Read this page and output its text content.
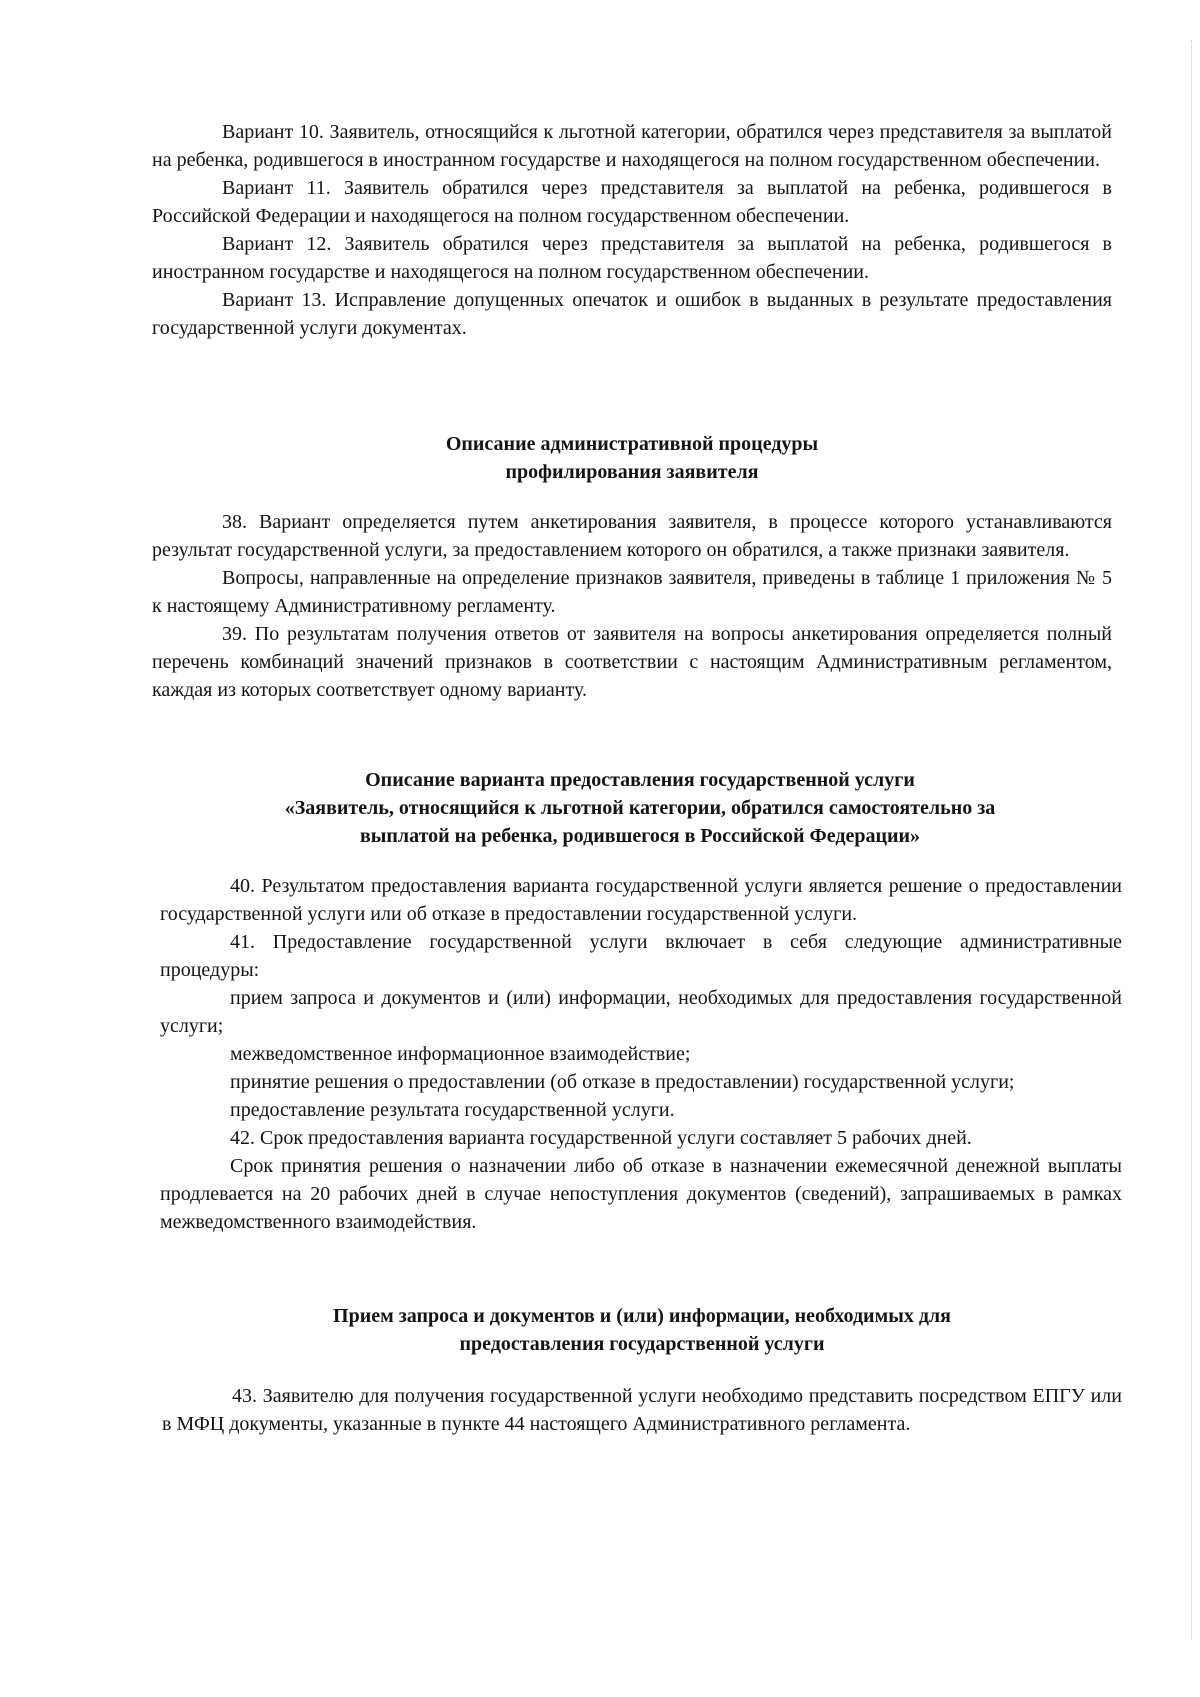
Вариант 10. Заявитель, относящийся к льготной категории, обратился через представителя за выплатой на ребенка, родившегося в иностранном государстве и находящегося на полном государственном обеспечении.

Вариант 11. Заявитель обратился через представителя за выплатой на ребенка, родившегося в Российской Федерации и находящегося на полном государственном обеспечении.

Вариант 12. Заявитель обратился через представителя за выплатой на ребенка, родившегося в иностранном государстве и находящегося на полном государственном обеспечении.

Вариант 13. Исправление допущенных опечаток и ошибок в выданных в результате предоставления государственной услуги документах.

Описание административной процедуры
профилирования заявителя

38. Вариант определяется путем анкетирования заявителя, в процессе которого устанавливаются результат государственной услуги, за предоставлением которого он обратился, а также признаки заявителя.

Вопросы, направленные на определение признаков заявителя, приведены в таблице 1 приложения № 5 к настоящему Административному регламенту.

39. По результатам получения ответов от заявителя на вопросы анкетирования определяется полный перечень комбинаций значений признаков в соответствии с настоящим Административным регламентом, каждая из которых соответствует одному варианту.

Описание варианта предоставления государственной услуги
«Заявитель, относящийся к льготной категории, обратился самостоятельно за
выплатой на ребенка, родившегося в Российской Федерации»

40. Результатом предоставления варианта государственной услуги является решение о предоставлении государственной услуги или об отказе в предоставлении государственной услуги.

41. Предоставление государственной услуги включает в себя следующие административные процедуры:

прием запроса и документов и (или) информации, необходимых для предоставления государственной услуги;

межведомственное информационное взаимодействие;

принятие решения о предоставлении (об отказе в предоставлении) государственной услуги;

предоставление результата государственной услуги.

42. Срок предоставления варианта государственной услуги составляет 5 рабочих дней.

Срок принятия решения о назначении либо об отказе в назначении ежемесячной денежной выплаты продлевается на 20 рабочих дней в случае непоступления документов (сведений), запрашиваемых в рамках межведомственного взаимодействия.

Прием запроса и документов и (или) информации, необходимых для
предоставления государственной услуги

43. Заявителю для получения государственной услуги необходимо представить посредством ЕПГУ или в МФЦ документы, указанные в пункте 44 настоящего Административного регламента.
